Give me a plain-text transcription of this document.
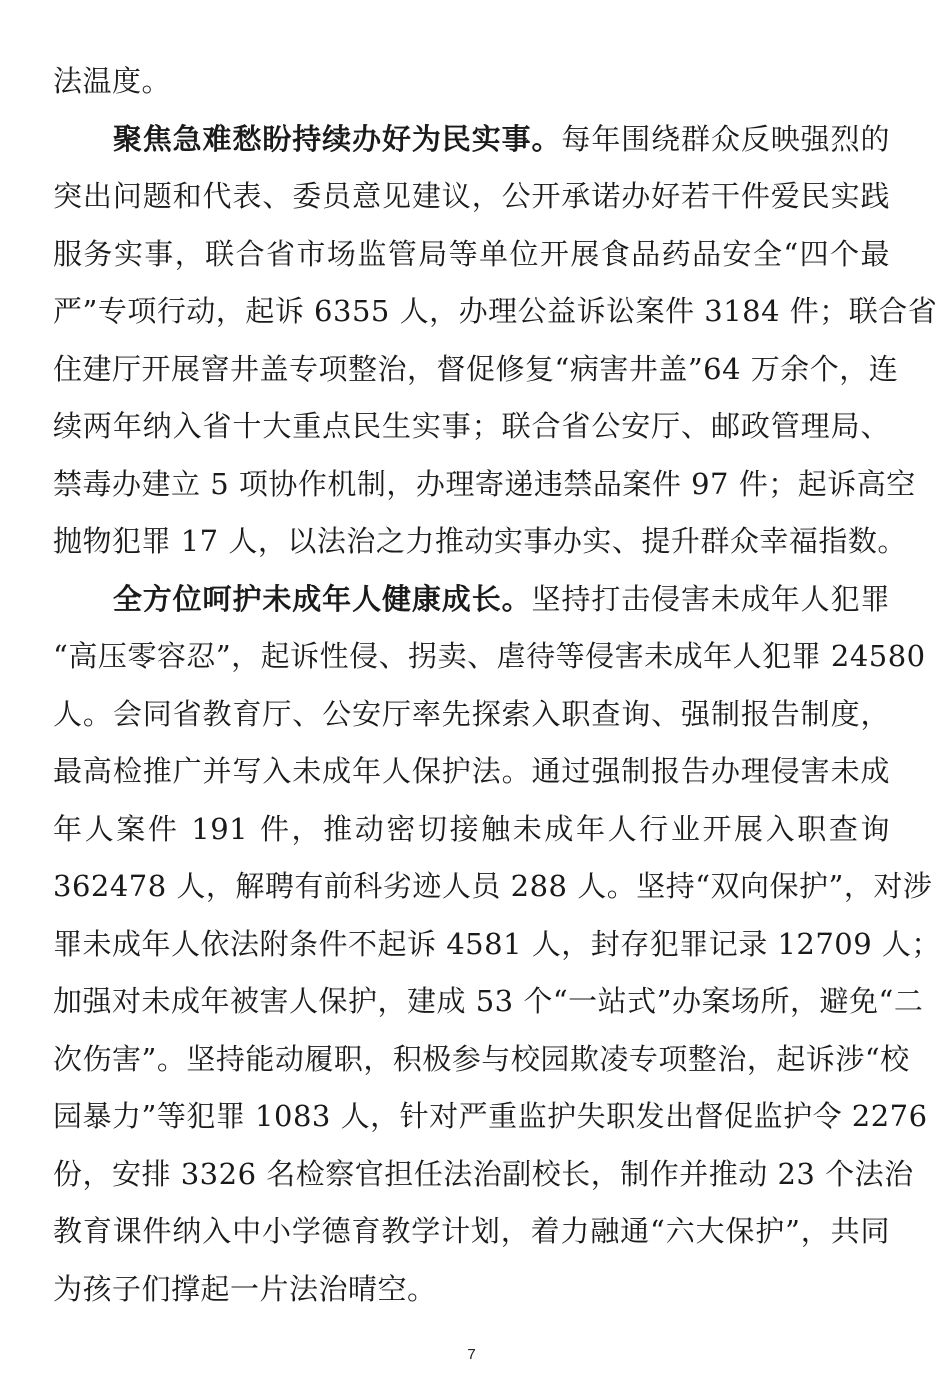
法温度。
　　聚焦急难愁盼持续办好为民实事。每年围绕群众反映强烈的
突出问题和代表、委员意见建议，公开承诺办好若干件爱民实践
服务实事，联合省市场监管局等单位开展食品药品安全“四个最
严”专项行动，起诉 6355 人，办理公益诉讼案件 3184 件；联合省
住建厅开展窨井盖专项整治，督促修复“病害井盖”64 万余个，连
续两年纳入省十大重点民生实事；联合省公安厅、邮政管理局、
禁毒办建立 5 项协作机制，办理寄递违禁品案件 97 件；起诉高空
抛物犯罪 17 人，以法治之力推动实事办实、提升群众幸福指数。
　　全方位呵护未成年人健康成长。坚持打击侵害未成年人犯罪
“高压零容忍”，起诉性侵、拐卖、虐待等侵害未成年人犯罪 24580
人。会同省教育厅、公安厅率先探索入职查询、强制报告制度，
最高检推广并写入未成年人保护法。通过强制报告办理侵害未成
年人案件 191 件，推动密切接触未成年人行业开展入职查询
362478 人，解聘有前科劣迹人员 288 人。坚持“双向保护”，对涉
罪未成年人依法附条件不起诉 4581 人，封存犯罪记录 12709 人；
加强对未成年被害人保护，建成 53 个“一站式”办案场所，避免“二
次伤害”。坚持能动履职，积极参与校园欺凌专项整治，起诉涉“校
园暴力”等犯罪 1083 人，针对严重监护失职发出督促监护令 2276
份，安排 3326 名检察官担任法治副校长，制作并推动 23 个法治
教育课件纳入中小学德育教学计划，着力融通“六大保护”，共同
为孩子们撑起一片法治晴空。
7
